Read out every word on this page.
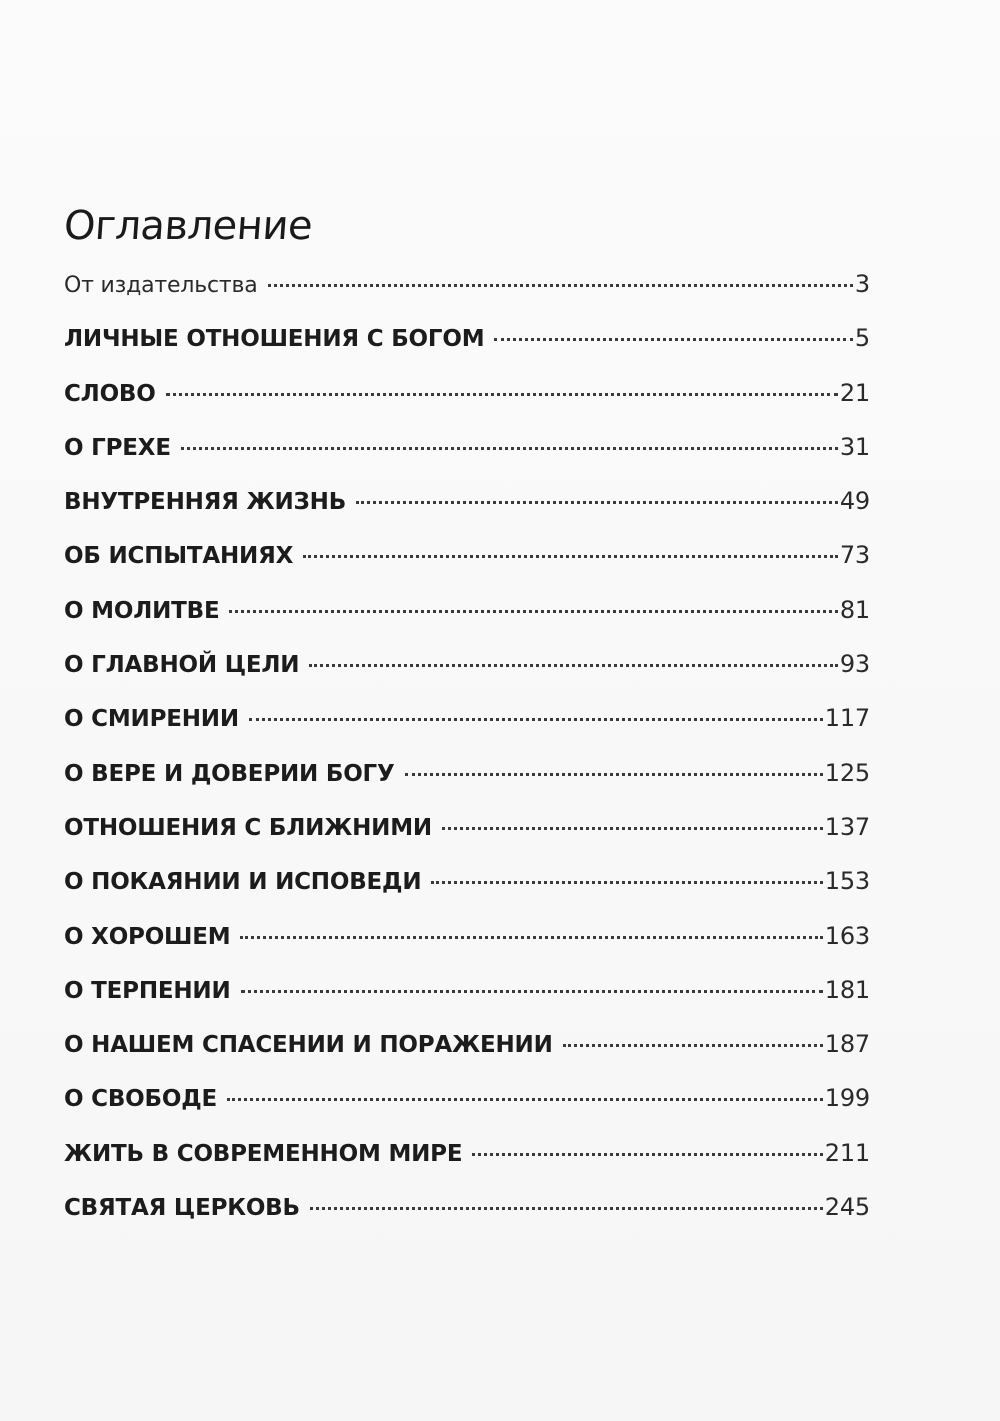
Оглавление
От издательства	3
ЛИЧНЫЕ ОТНОШЕНИЯ С БОГОМ	5
СЛОВО	21
О ГРЕХЕ	31
ВНУТРЕННЯЯ ЖИЗНЬ	49
ОБ ИСПЫТАНИЯХ	73
О МОЛИТВЕ	81
О ГЛАВНОЙ ЦЕЛИ	93
О СМИРЕНИИ	117
О ВЕРЕ И ДОВЕРИИ БОГУ	125
ОТНОШЕНИЯ С БЛИЖНИМИ	137
О ПОКАЯНИИ И ИСПОВЕДИ	153
О ХОРОШЕМ	163
О ТЕРПЕНИИ	181
О НАШЕМ СПАСЕНИИ И ПОРАЖЕНИИ	187
О СВОБОДЕ	199
ЖИТЬ В СОВРЕМЕННОМ МИРЕ	211
СВЯТАЯ ЦЕРКОВЬ	245
